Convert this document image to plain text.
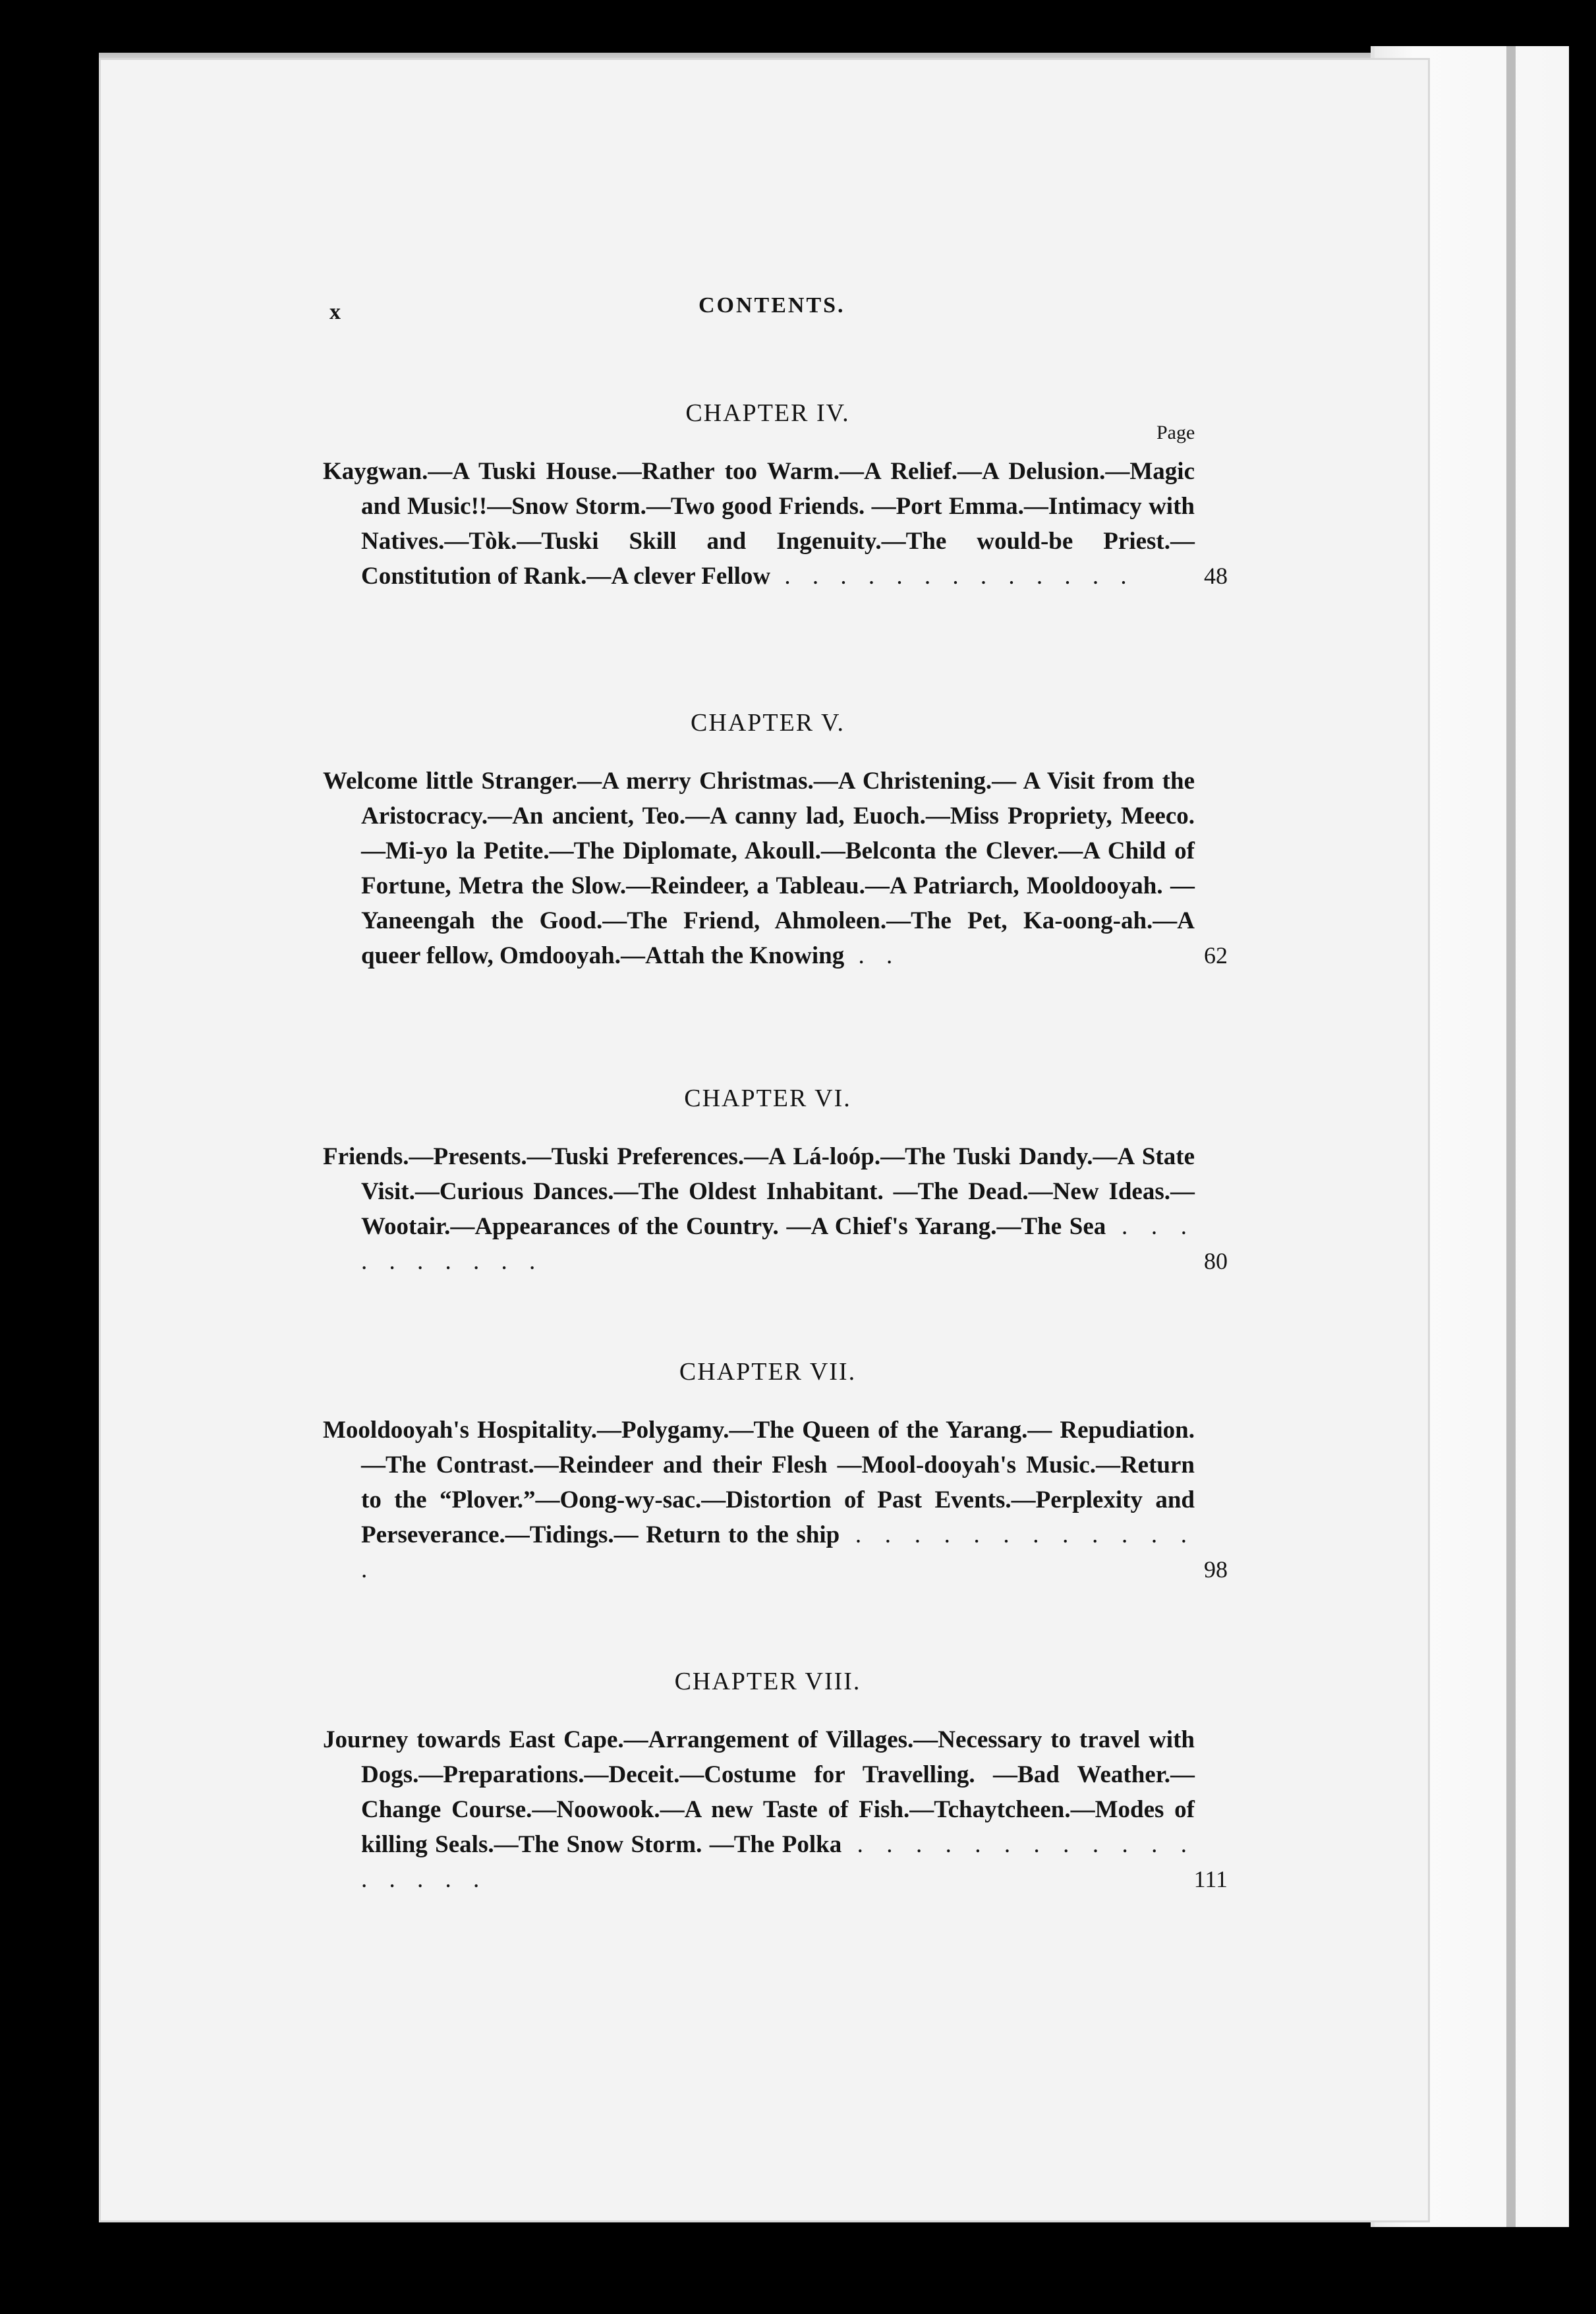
x	CONTENTS.
Page
CHAPTER IV.
Kaygwan.—A Tuski House.—Rather too Warm.—A Relief.—A Delusion.—Magic and Music!!—Snow Storm.—Two good Friends. —Port Emma.—Intimacy with Natives.—Tòk.—Tuski Skill and Ingenuity.—The would-be Priest.—Constitution of Rank.—A clever Fellow . . . . . . . . . . . . .	48
CHAPTER V.
Welcome little Stranger.—A merry Christmas.—A Christening.— A Visit from the Aristocracy.—An ancient, Teo.—A canny lad, Euoch.—Miss Propriety, Meeco.—Mi-yo la Petite.—The Diplomate, Akoull.—Belconta the Clever.—A Child of Fortune, Metra the Slow.—Reindeer, a Tableau.—A Patriarch, Mooldooyah. —Yaneengah the Good.—The Friend, Ahmoleen.—The Pet, Ka-oong-ah.—A queer fellow, Omdooyah.—Attah the Knowing . .	62
CHAPTER VI.
Friends.—Presents.—Tuski Preferences.—A Lá-loóp.—The Tuski Dandy.—A State Visit.—Curious Dances.—The Oldest Inhabitant. —The Dead.—New Ideas.—Wootair.—Appearances of the Country. —A Chief's Yarang.—The Sea . . . . . . . . . .	80
CHAPTER VII.
Mooldooyah's Hospitality.—Polygamy.—The Queen of the Yarang.— Repudiation.—The Contrast.—Reindeer and their Flesh —Mool-dooyah's Music.—Return to the “Plover.”—Oong-wy-sac.—Distortion of Past Events.—Perplexity and Perseverance.—Tidings.— Return to the ship . . . . . . . . . . . . .	98
CHAPTER VIII.
Journey towards East Cape.—Arrangement of Villages.—Necessary to travel with Dogs.—Preparations.—Deceit.—Costume for Travelling. —Bad Weather.—Change Course.—Noowook.—A new Taste of Fish.—Tchaytcheen.—Modes of killing Seals.—The Snow Storm. —The Polka . . . . . . . . . . . . . . . . .	111
